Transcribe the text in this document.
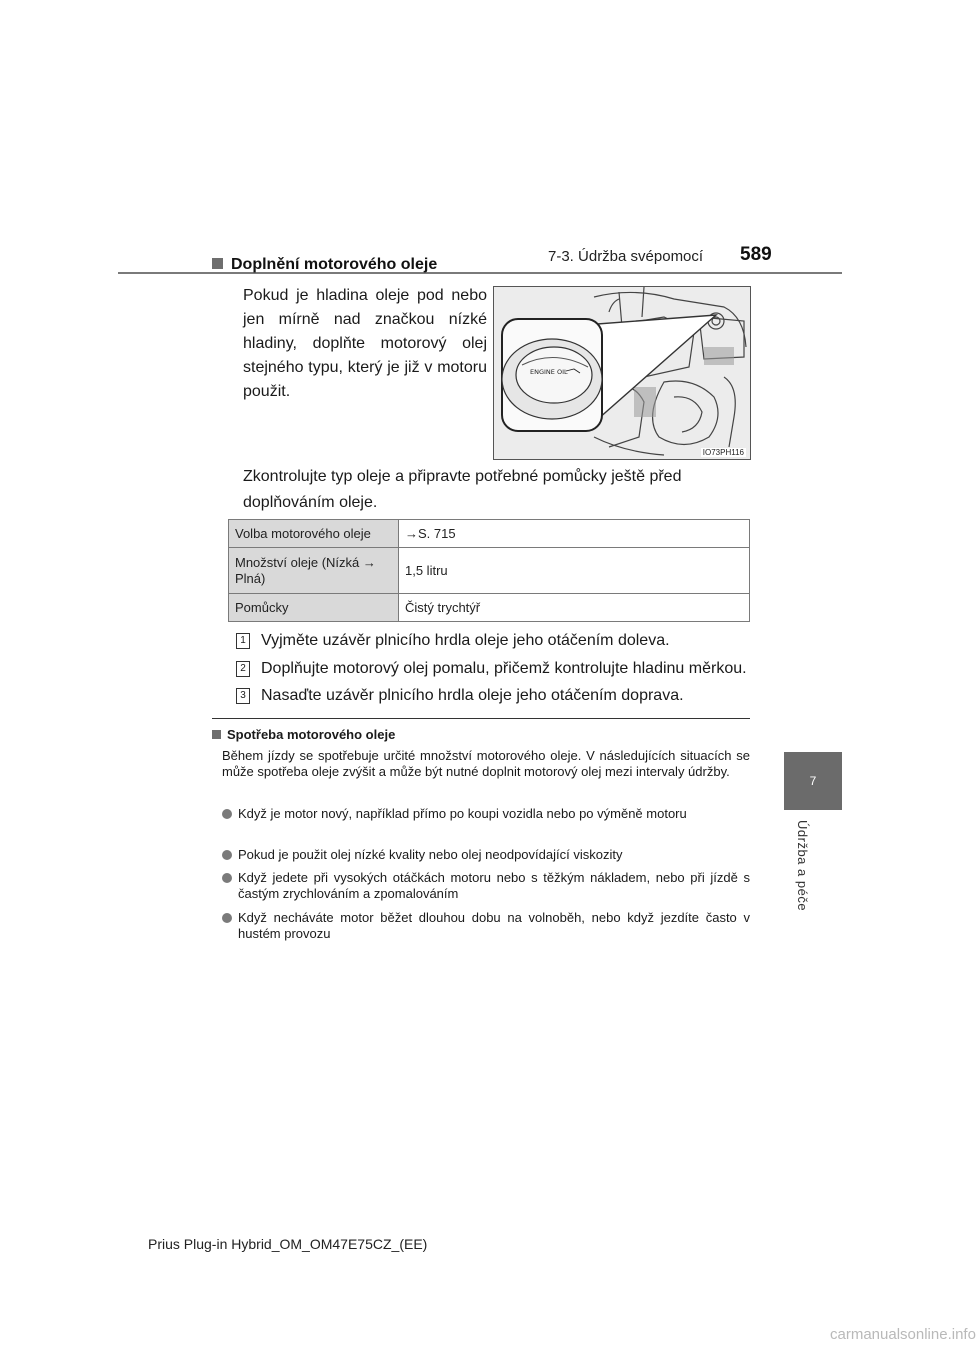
7-3. Údržba svépomocí 589
7
Údržba a péče
Doplnění motorového oleje
Pokud je hladina oleje pod nebo jen mírně nad značkou nízké hladiny, doplňte motorový olej stejného typu, který je již v motoru použit.
ENGINE OIL
IO73PH116
Zkontrolujte typ oleje a připravte potřebné pomůcky ještě před doplňováním oleje.
Volba motorového oleje	→S. 715
Množství oleje (Nízká → Plná)	1,5 litru
Pomůcky	Čistý trychtýř
1 Vyjměte uzávěr plnicího hrdla oleje jeho otáčením doleva.
2 Doplňujte motorový olej pomalu, přičemž kontrolujte hladinu měrkou.
3 Nasaďte uzávěr plnicího hrdla oleje jeho otáčením doprava.
Spotřeba motorového oleje
Během jízdy se spotřebuje určité množství motorového oleje. V následujících situacích se může spotřeba oleje zvýšit a může být nutné doplnit motorový olej mezi intervaly údržby.
Když je motor nový, například přímo po koupi vozidla nebo po výměně motoru
Pokud je použit olej nízké kvality nebo olej neodpovídající viskozity
Když jedete při vysokých otáčkách motoru nebo s těžkým nákladem, nebo při jízdě s častým zrychlováním a zpomalováním
Když necháváte motor běžet dlouhou dobu na volnoběh, nebo když jezdíte často v hustém provozu
Prius Plug-in Hybrid_OM_OM47E75CZ_(EE)
carmanualsonline.info
